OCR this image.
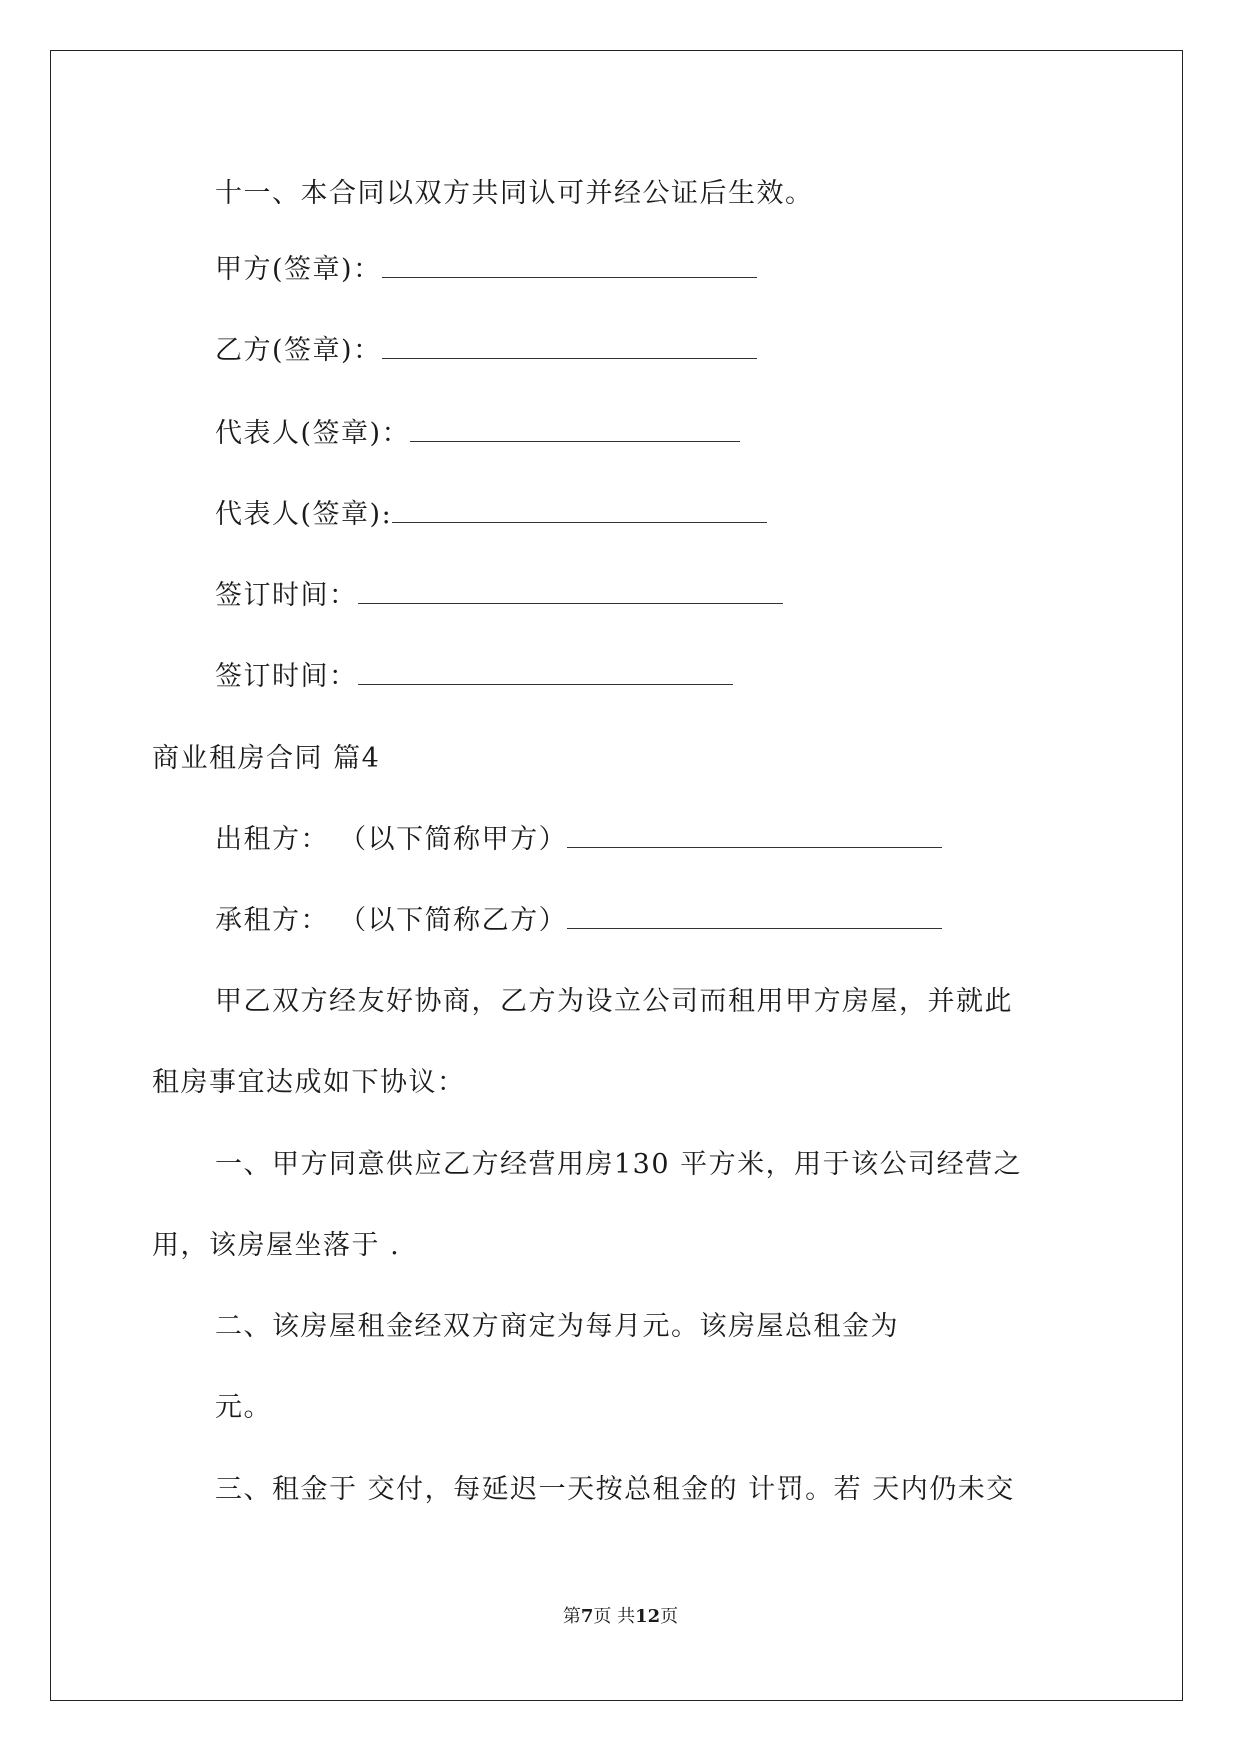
十一、本合同以双方共同认可并经公证后生效。
甲方(签章)：
乙方(签章)：
代表人(签章)：
代表人(签章):
签订时间：
签订时间：
商业租房合同 篇4
出租方： （以下简称甲方）
承租方： （以下简称乙方）
甲乙双方经友好协商，乙方为设立公司而租用甲方房屋，并就此
租房事宜达成如下协议：
一、甲方同意供应乙方经营用房130 平方米，用于该公司经营之
用，该房屋坐落于 .
二、该房屋租金经双方商定为每月元。该房屋总租金为
元。
三、租金于 交付，每延迟一天按总租金的 计罚。若 天内仍未交
第7页 共12页
